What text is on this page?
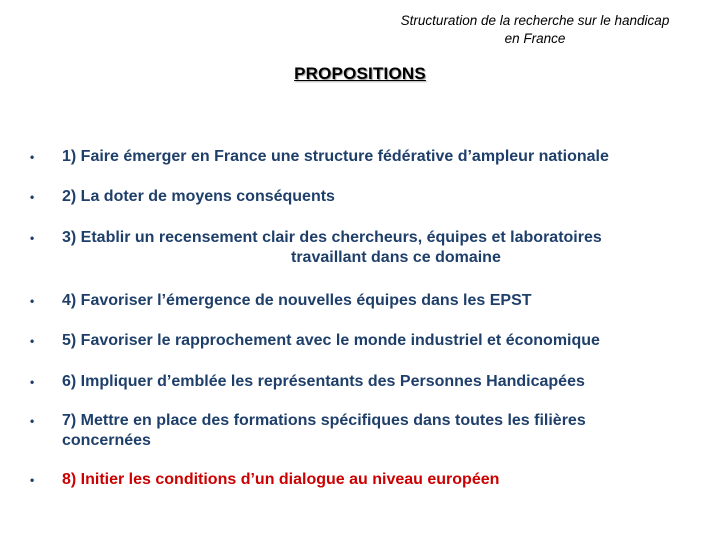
Structuration de la recherche sur le handicap
en France
PROPOSITIONS
•	1) Faire émerger en France une structure fédérative d’ampleur nationale
•	2) La doter de moyens conséquents
•	3) Etablir un recensement clair des chercheurs, équipes et laboratoires
travaillant dans ce domaine
•	4) Favoriser l’émergence de nouvelles équipes dans les EPST
•	5) Favoriser le rapprochement avec le monde industriel et économique
•	6) Impliquer d’emblée les représentants des Personnes Handicapées
•	7) Mettre en place des formations spécifiques dans toutes les filières
concernées
•	8) Initier les conditions d’un dialogue au niveau européen
